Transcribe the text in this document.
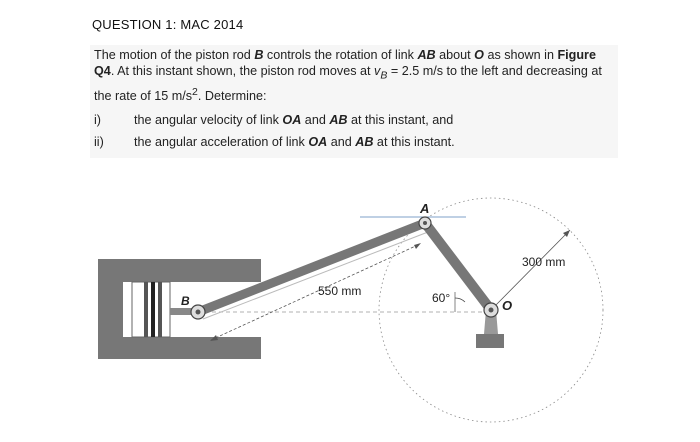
QUESTION 1: MAC 2014

The motion of the piston rod B controls the rotation of link AB about O as shown in Figure Q4. At this instant shown, the piston rod moves at $v_B = 2.5$ m/s to the left and decreasing at the rate of 15 $m/s^2$. Determine:

i)	the angular velocity of link OA and AB at this instant, and
ii)	the angular acceleration of link OA and AB at this instant.
A
B	O
550 mm
300 mm
60°
